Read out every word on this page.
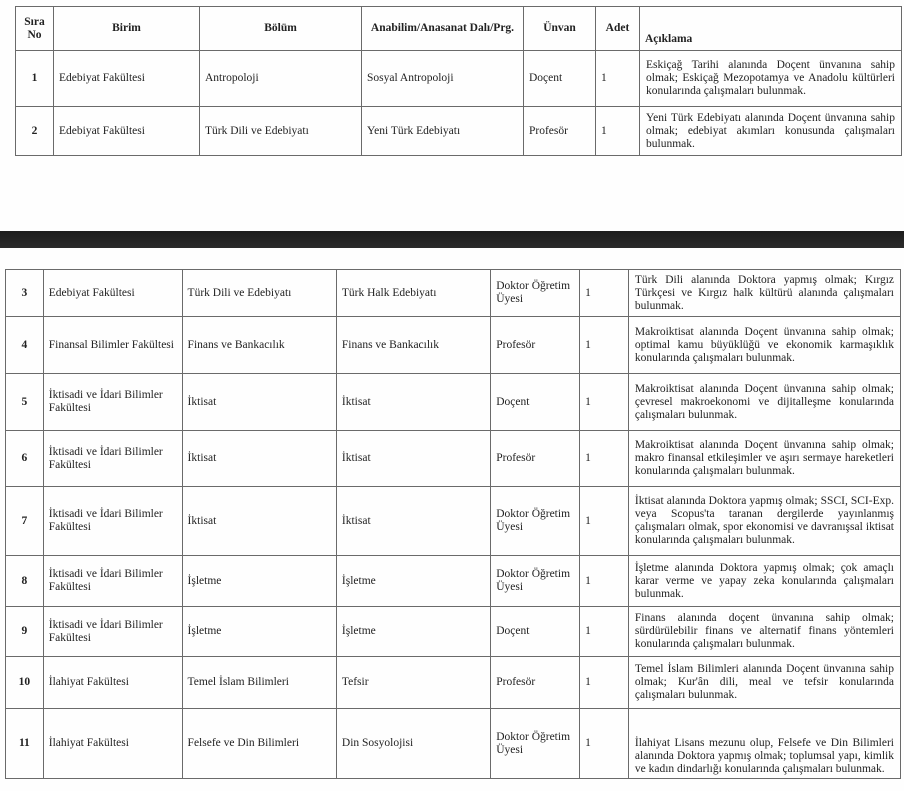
Sıra No	Birim	Bölüm	Anabilim/Anasanat Dalı/Prg.	Ünvan	Adet	Açıklama
1	Edebiyat Fakültesi	Antropoloji	Sosyal Antropoloji	Doçent	1	Eskiçağ Tarihi alanında Doçent ünvanına sahip olmak; Eskiçağ Mezopotamya ve Anadolu kültürleri konularında çalışmaları bulunmak.
2	Edebiyat Fakültesi	Türk Dili ve Edebiyatı	Yeni Türk Edebiyatı	Profesör	1	Yeni Türk Edebiyatı alanında Doçent ünvanına sahip olmak; edebiyat akımları konusunda çalışmaları bulunmak.
3	Edebiyat Fakültesi	Türk Dili ve Edebiyatı	Türk Halk Edebiyatı	Doktor Öğretim Üyesi	1	Türk Dili alanında Doktora yapmış olmak; Kırgız Türkçesi ve Kırgız halk kültürü alanında çalışmaları bulunmak.
4	Finansal Bilimler Fakültesi	Finans ve Bankacılık	Finans ve Bankacılık	Profesör	1	Makroiktisat alanında Doçent ünvanına sahip olmak; optimal kamu büyüklüğü ve ekonomik karmaşıklık konularında çalışmaları bulunmak.
5	İktisadi ve İdari Bilimler Fakültesi	İktisat	İktisat	Doçent	1	Makroiktisat alanında Doçent ünvanına sahip olmak; çevresel makroekonomi ve dijitalleşme konularında çalışmaları bulunmak.
6	İktisadi ve İdari Bilimler Fakültesi	İktisat	İktisat	Profesör	1	Makroiktisat alanında Doçent ünvanına sahip olmak; makro finansal etkileşimler ve aşırı sermaye hareketleri konularında çalışmaları bulunmak.
7	İktisadi ve İdari Bilimler Fakültesi	İktisat	İktisat	Doktor Öğretim Üyesi	1	İktisat alanında Doktora yapmış olmak; SSCI, SCI-Exp. veya Scopus'ta taranan dergilerde yayınlanmış çalışmaları olmak, spor ekonomisi ve davranışsal iktisat konularında çalışmaları bulunmak.
8	İktisadi ve İdari Bilimler Fakültesi	İşletme	İşletme	Doktor Öğretim Üyesi	1	İşletme alanında Doktora yapmış olmak; çok amaçlı karar verme ve yapay zeka konularında çalışmaları bulunmak.
9	İktisadi ve İdari Bilimler Fakültesi	İşletme	İşletme	Doçent	1	Finans alanında doçent ünvanına sahip olmak; sürdürülebilir finans ve alternatif finans yöntemleri konularında çalışmaları bulunmak.
10	İlahiyat Fakültesi	Temel İslam Bilimleri	Tefsir	Profesör	1	Temel İslam Bilimleri alanında Doçent ünvanına sahip olmak; Kur'ân dili, meal ve tefsir konularında çalışmaları bulunmak.
11	İlahiyat Fakültesi	Felsefe ve Din Bilimleri	Din Sosyolojisi	Doktor Öğretim Üyesi	1	İlahiyat Lisans mezunu olup, Felsefe ve Din Bilimleri alanında Doktora yapmış olmak; toplumsal yapı, kimlik ve kadın dindarlığı konularında çalışmaları bulunmak.
